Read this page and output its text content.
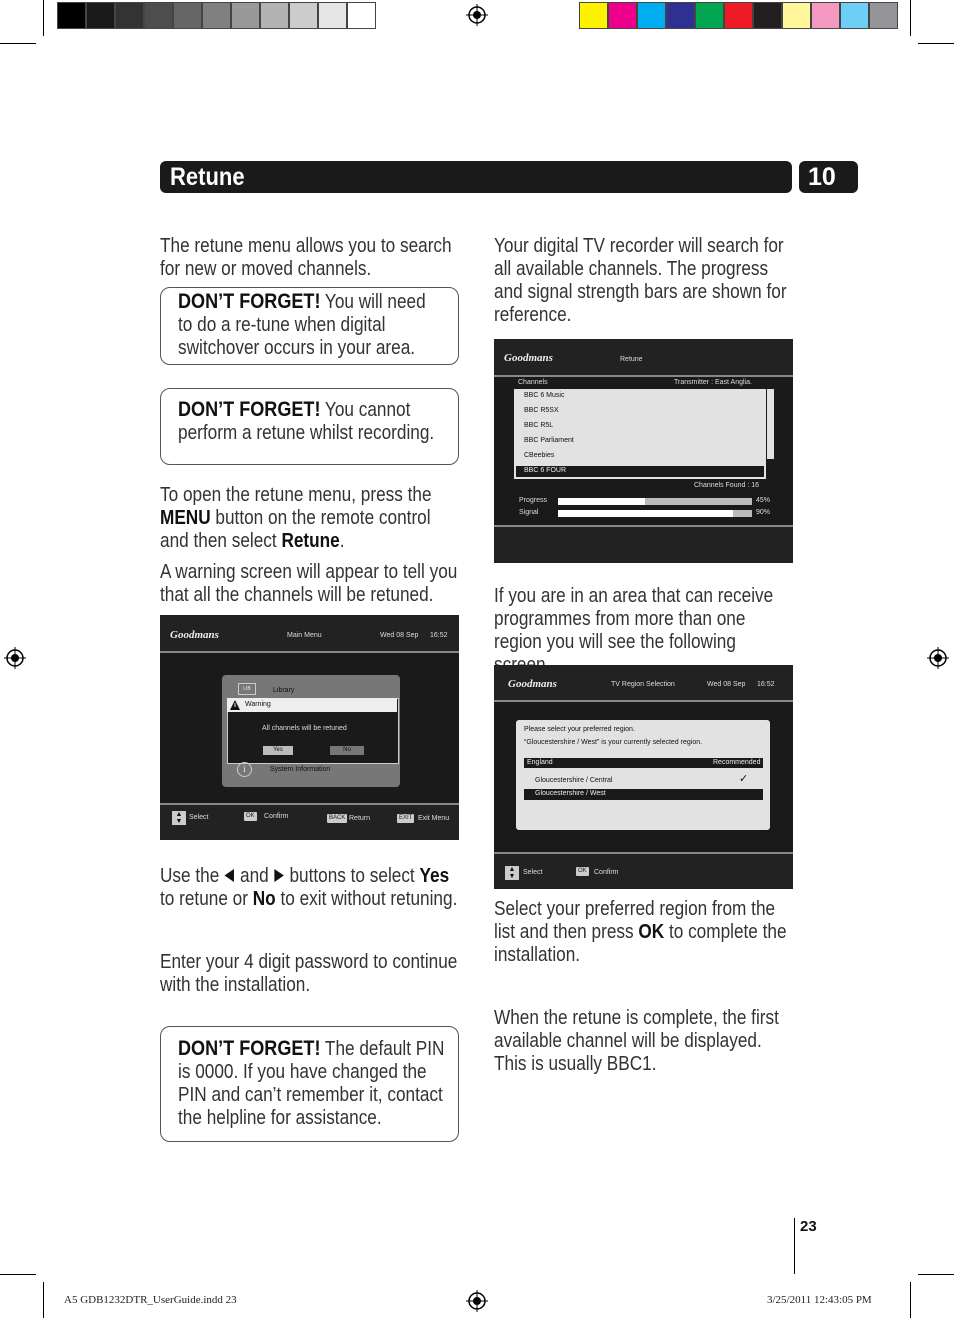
Retune	10
The retune menu allows you to search for new or moved channels.
DON’T FORGET! You will need to do a re-tune when digital switchover occurs in your area.
DON’T FORGET! You cannot perform a retune whilst recording.
To open the retune menu, press the MENU button on the remote control and then select Retune.
A warning screen will appear to tell you that all the channels will be retuned.
Goodmans	Main Menu	Wed 08 Sep 16:52
LIB	Library
Warning
All channels will be retuned
Yes	No
i	System Information
▲
▼
Select	OK Confirm	BACK Return	EXIT Exit Menu
Use the  and  buttons to select Yes to retune or No to exit without retuning.
Enter your 4 digit password to continue with the installation.
DON’T FORGET! The default PIN is 0000. If you have changed the PIN and can’t remember it, contact the helpline for assistance.
Your digital TV recorder will search for all available channels. The progress and signal strength bars are shown for reference.
Goodmans	Retune
Channels	Transmitter : East Anglia.
BBC 6 Music
BBC R5SX
BBC R5L
BBC Parliament
CBeebies
BBC 6 FOUR
Channels Found : 16
Progress	45%
Signal	90%
If you are in an area that can receive programmes from more than one region you will see the following
Goodmans	TV Region Selection	Wed 08 Sep 16:52
Please select your preferred region.
“Gloucestershire / West” is your currently selected region.
England	Recommended
Gloucestershire / Central	✓
Gloucestershire / West
▲
▼
Select	OK Confirm
Select your preferred region from the list and then press OK to complete the installation.
When the retune is complete, the first available channel will be displayed. This is usually BBC1.
23
A5 GDB1232DTR_UserGuide.indd 23	3/25/2011 12:43:05 PM
